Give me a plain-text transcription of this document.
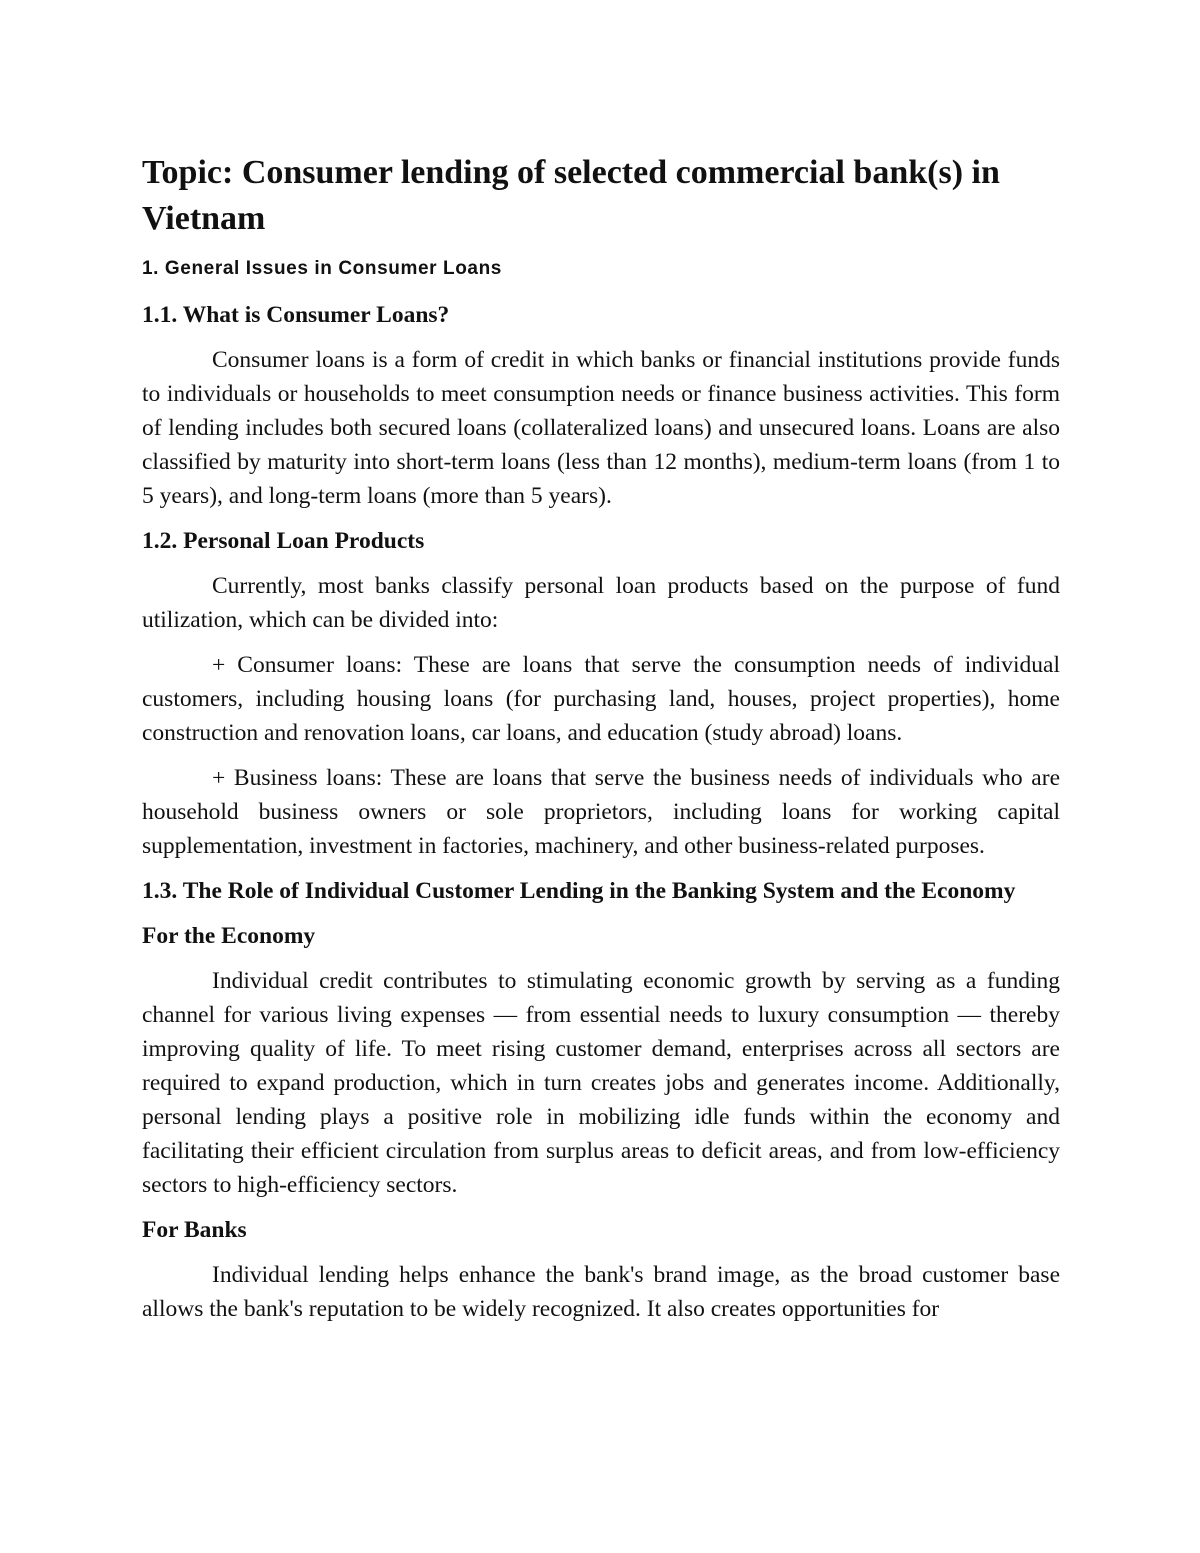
Topic: Consumer lending of selected commercial bank(s) in Vietnam
1. General Issues in Consumer Loans
1.1. What is Consumer Loans?

Consumer loans is a form of credit in which banks or financial institutions provide funds to individuals or households to meet consumption needs or finance business activities. This form of lending includes both secured loans (collateralized loans) and unsecured loans. Loans are also classified by maturity into short-term loans (less than 12 months), medium-term loans (from 1 to 5 years), and long-term loans (more than 5 years).

1.2. Personal Loan Products

Currently, most banks classify personal loan products based on the purpose of fund utilization, which can be divided into:

+ Consumer loans: These are loans that serve the consumption needs of individual customers, including housing loans (for purchasing land, houses, project properties), home construction and renovation loans, car loans, and education (study abroad) loans.

+ Business loans: These are loans that serve the business needs of individuals who are household business owners or sole proprietors, including loans for working capital supplementation, investment in factories, machinery, and other business-related purposes.

1.3. The Role of Individual Customer Lending in the Banking System and the Economy
For the Economy

Individual credit contributes to stimulating economic growth by serving as a funding channel for various living expenses — from essential needs to luxury consumption — thereby improving quality of life. To meet rising customer demand, enterprises across all sectors are required to expand production, which in turn creates jobs and generates income. Additionally, personal lending plays a positive role in mobilizing idle funds within the economy and facilitating their efficient circulation from surplus areas to deficit areas, and from low-efficiency sectors to high-efficiency sectors.

For Banks

Individual lending helps enhance the bank's brand image, as the broad customer base allows the bank's reputation to be widely recognized. It also creates opportunities for
